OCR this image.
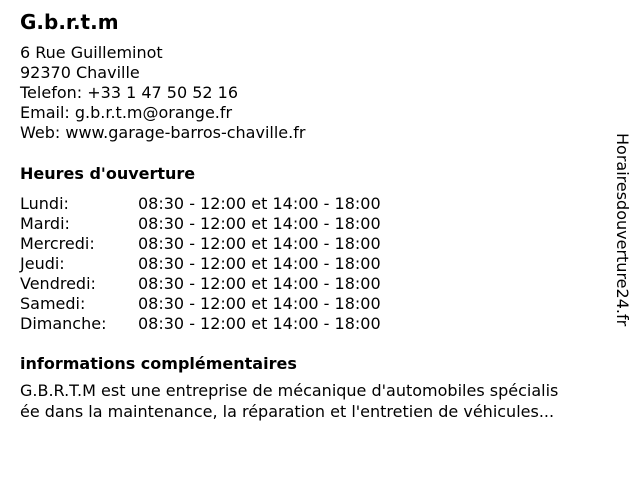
G.b.r.t.m
6 Rue Guilleminot
92370 Chaville
Telefon: +33 1 47 50 52 16
Email: g.b.r.t.m@orange.fr
Web: www.garage-barros-chaville.fr
Heures d'ouverture
Lundi:	08:30 - 12:00 et 14:00 - 18:00
Mardi:	08:30 - 12:00 et 14:00 - 18:00
Mercredi:	08:30 - 12:00 et 14:00 - 18:00
Jeudi:	08:30 - 12:00 et 14:00 - 18:00
Vendredi:	08:30 - 12:00 et 14:00 - 18:00
Samedi:	08:30 - 12:00 et 14:00 - 18:00
Dimanche:	08:30 - 12:00 et 14:00 - 18:00
informations complémentaires
G.B.R.T.M est une entreprise de mécanique d'automobiles spécialis
ée dans la maintenance, la réparation et l'entretien de véhicules...
Horairesdouverture24.fr
